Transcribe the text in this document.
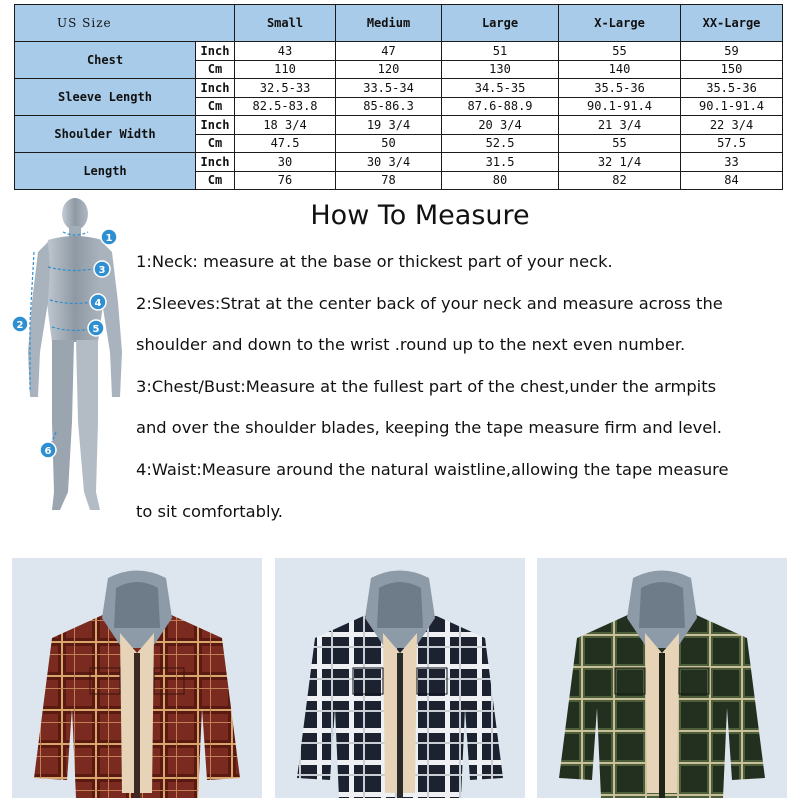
US Size		Small	Medium	Large	X-Large	XX-Large
Chest	Inch	43	47	51	55	59
	Cm	110	120	130	140	150
Sleeve Length	Inch	32.5-33	33.5-34	34.5-35	35.5-36	35.5-36
	Cm	82.5-83.8	85-86.3	87.6-88.9	90.1-91.4	90.1-91.4
Shoulder Width	Inch	18 3/4	19 3/4	20 3/4	21 3/4	22 3/4
	Cm	47.5	50	52.5	55	57.5
Length	Inch	30	30 3/4	31.5	32 1/4	33
	Cm	76	78	80	82	84
1
3
4
5
2
6
How To Measure
1:Neck: measure at the base or thickest part of your neck.
2:Sleeves:Strat at the center back of your neck and measure across the
shoulder and down to the wrist .round up to the next even number.
3:Chest/Bust:Measure at the fullest part of the chest,under the armpits
and over the shoulder blades, keeping the tape measure firm and level.
4:Waist:Measure around the natural waistline,allowing the tape measure
to sit comfortably.
